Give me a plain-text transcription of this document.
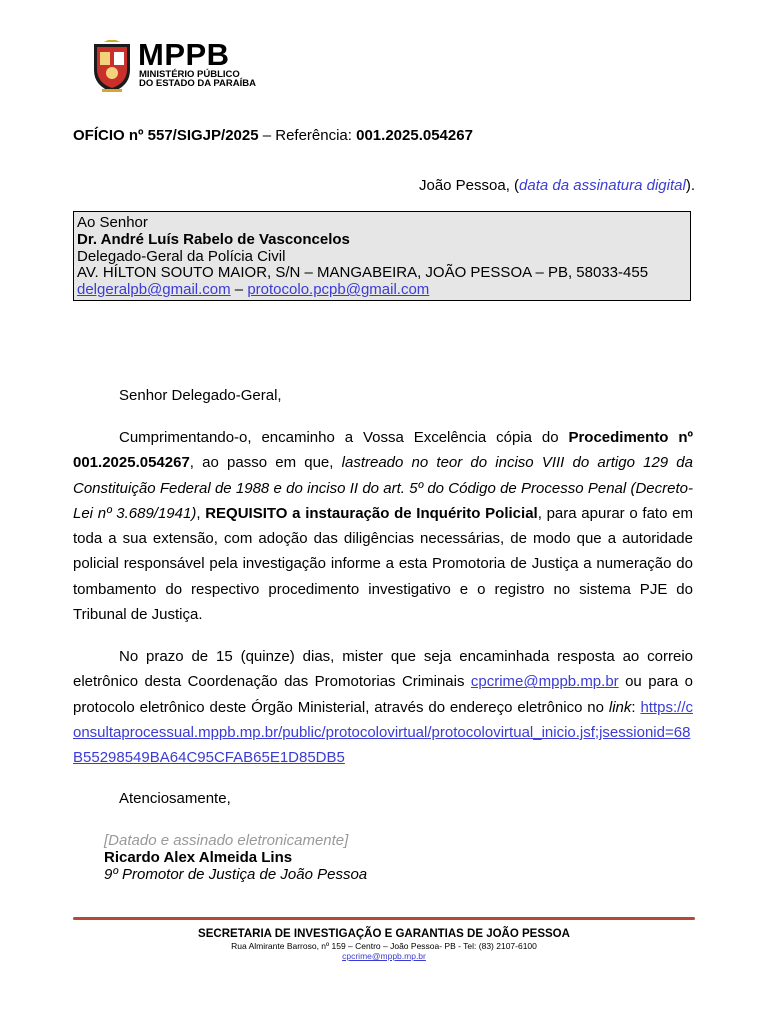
MPPB
MINISTÉRIO PÚBLICO
DO ESTADO DA PARAÍBA
OFÍCIO nº 557/SIGJP/2025 – Referência: 001.2025.054267
João Pessoa, (data da assinatura digital).
Ao Senhor
Dr. André Luís Rabelo de Vasconcelos
Delegado-Geral da Polícia Civil
AV. HÍLTON SOUTO MAIOR, S/N – MANGABEIRA, JOÃO PESSOA – PB, 58033-455
delgeralpb@gmail.com – protocolo.pcpb@gmail.com
Senhor Delegado-Geral,
Cumprimentando-o, encaminho a Vossa Excelência cópia do Procedimento nº 001.2025.054267, ao passo em que, lastreado no teor do inciso VIII do artigo 129 da Constituição Federal de 1988 e do inciso II do art. 5º do Código de Processo Penal (Decreto-Lei nº 3.689/1941), REQUISITO a instauração de Inquérito Policial, para apurar o fato em toda a sua extensão, com adoção das diligências necessárias, de modo que a autoridade policial responsável pela investigação informe a esta Promotoria de Justiça a numeração do tombamento do respectivo procedimento investigativo e o registro no sistema PJE do Tribunal de Justiça.
No prazo de 15 (quinze) dias, mister que seja encaminhada resposta ao correio eletrônico desta Coordenação das Promotorias Criminais cpcrime@mppb.mp.br ou para o protocolo eletrônico deste Órgão Ministerial, através do endereço eletrônico no link: https://consultaprocessual.mppb.mp.br/public/protocolovirtual/protocolovirtual_inicio.jsf;jsessionid=68B55298549BA64C95CFAB65E1D85DB5
Atenciosamente,
[Datado e assinado eletronicamente]
Ricardo Alex Almeida Lins
9º Promotor de Justiça de João Pessoa
SECRETARIA DE INVESTIGAÇÃO E GARANTIAS DE JOÃO PESSOA
Rua Almirante Barroso, nº 159 – Centro – João Pessoa- PB - Tel: (83) 2107-6100
cpcrime@mppb.mp.br
